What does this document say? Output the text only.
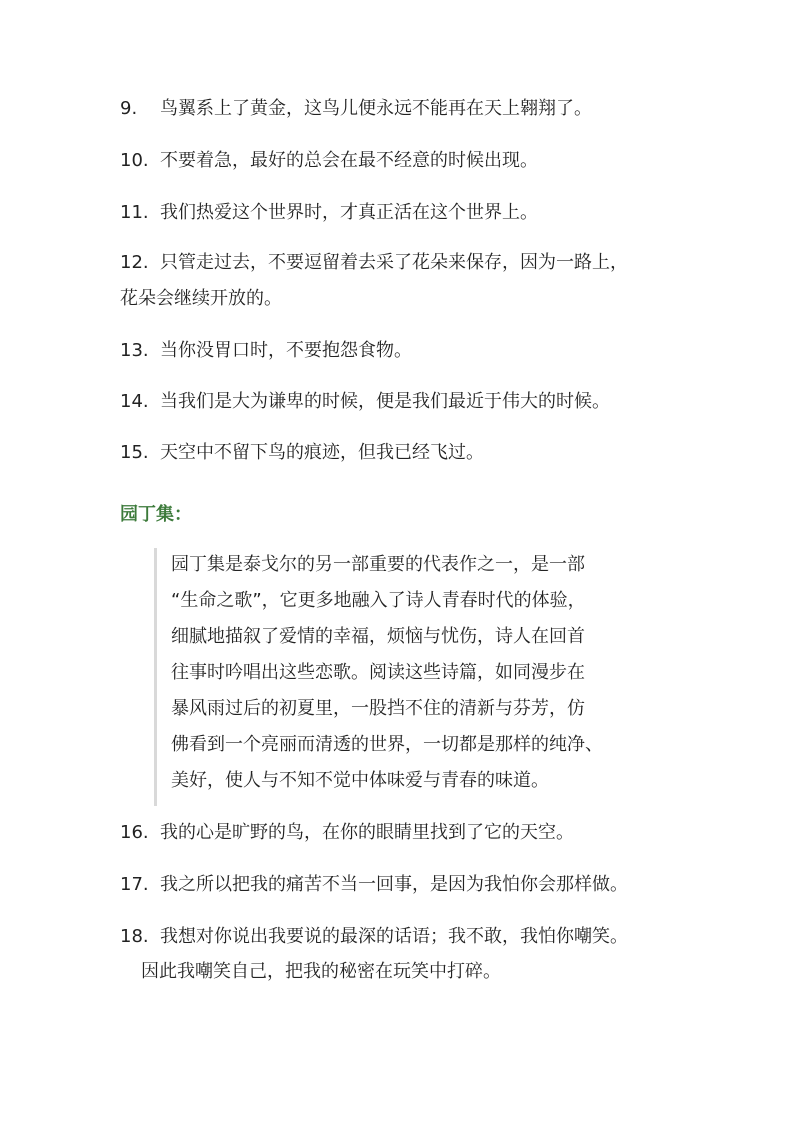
9. 鸟翼系上了黄金，这鸟儿便永远不能再在天上翱翔了。
10. 不要着急，最好的总会在最不经意的时候出现。
11. 我们热爱这个世界时，才真正活在这个世界上。
12. 只管走过去，不要逗留着去采了花朵来保存，因为一路上，
花朵会继续开放的。
13. 当你没胃口时，不要抱怨食物。
14. 当我们是大为谦卑的时候，便是我们最近于伟大的时候。
15. 天空中不留下鸟的痕迹，但我已经飞过。
园丁集：
园丁集是泰戈尔的另一部重要的代表作之一，是一部
“生命之歌”，它更多地融入了诗人青春时代的体验，
细腻地描叙了爱情的幸福，烦恼与忧伤，诗人在回首
往事时吟唱出这些恋歌。阅读这些诗篇，如同漫步在
暴风雨过后的初夏里，一股挡不住的清新与芬芳，仿
佛看到一个亮丽而清透的世界，一切都是那样的纯净、
美好，使人与不知不觉中体味爱与青春的味道。
16. 我的心是旷野的鸟，在你的眼睛里找到了它的天空。
17. 我之所以把我的痛苦不当一回事，是因为我怕你会那样做。
18. 我想对你说出我要说的最深的话语；我不敢，我怕你嘲笑。
因此我嘲笑自己，把我的秘密在玩笑中打碎。
